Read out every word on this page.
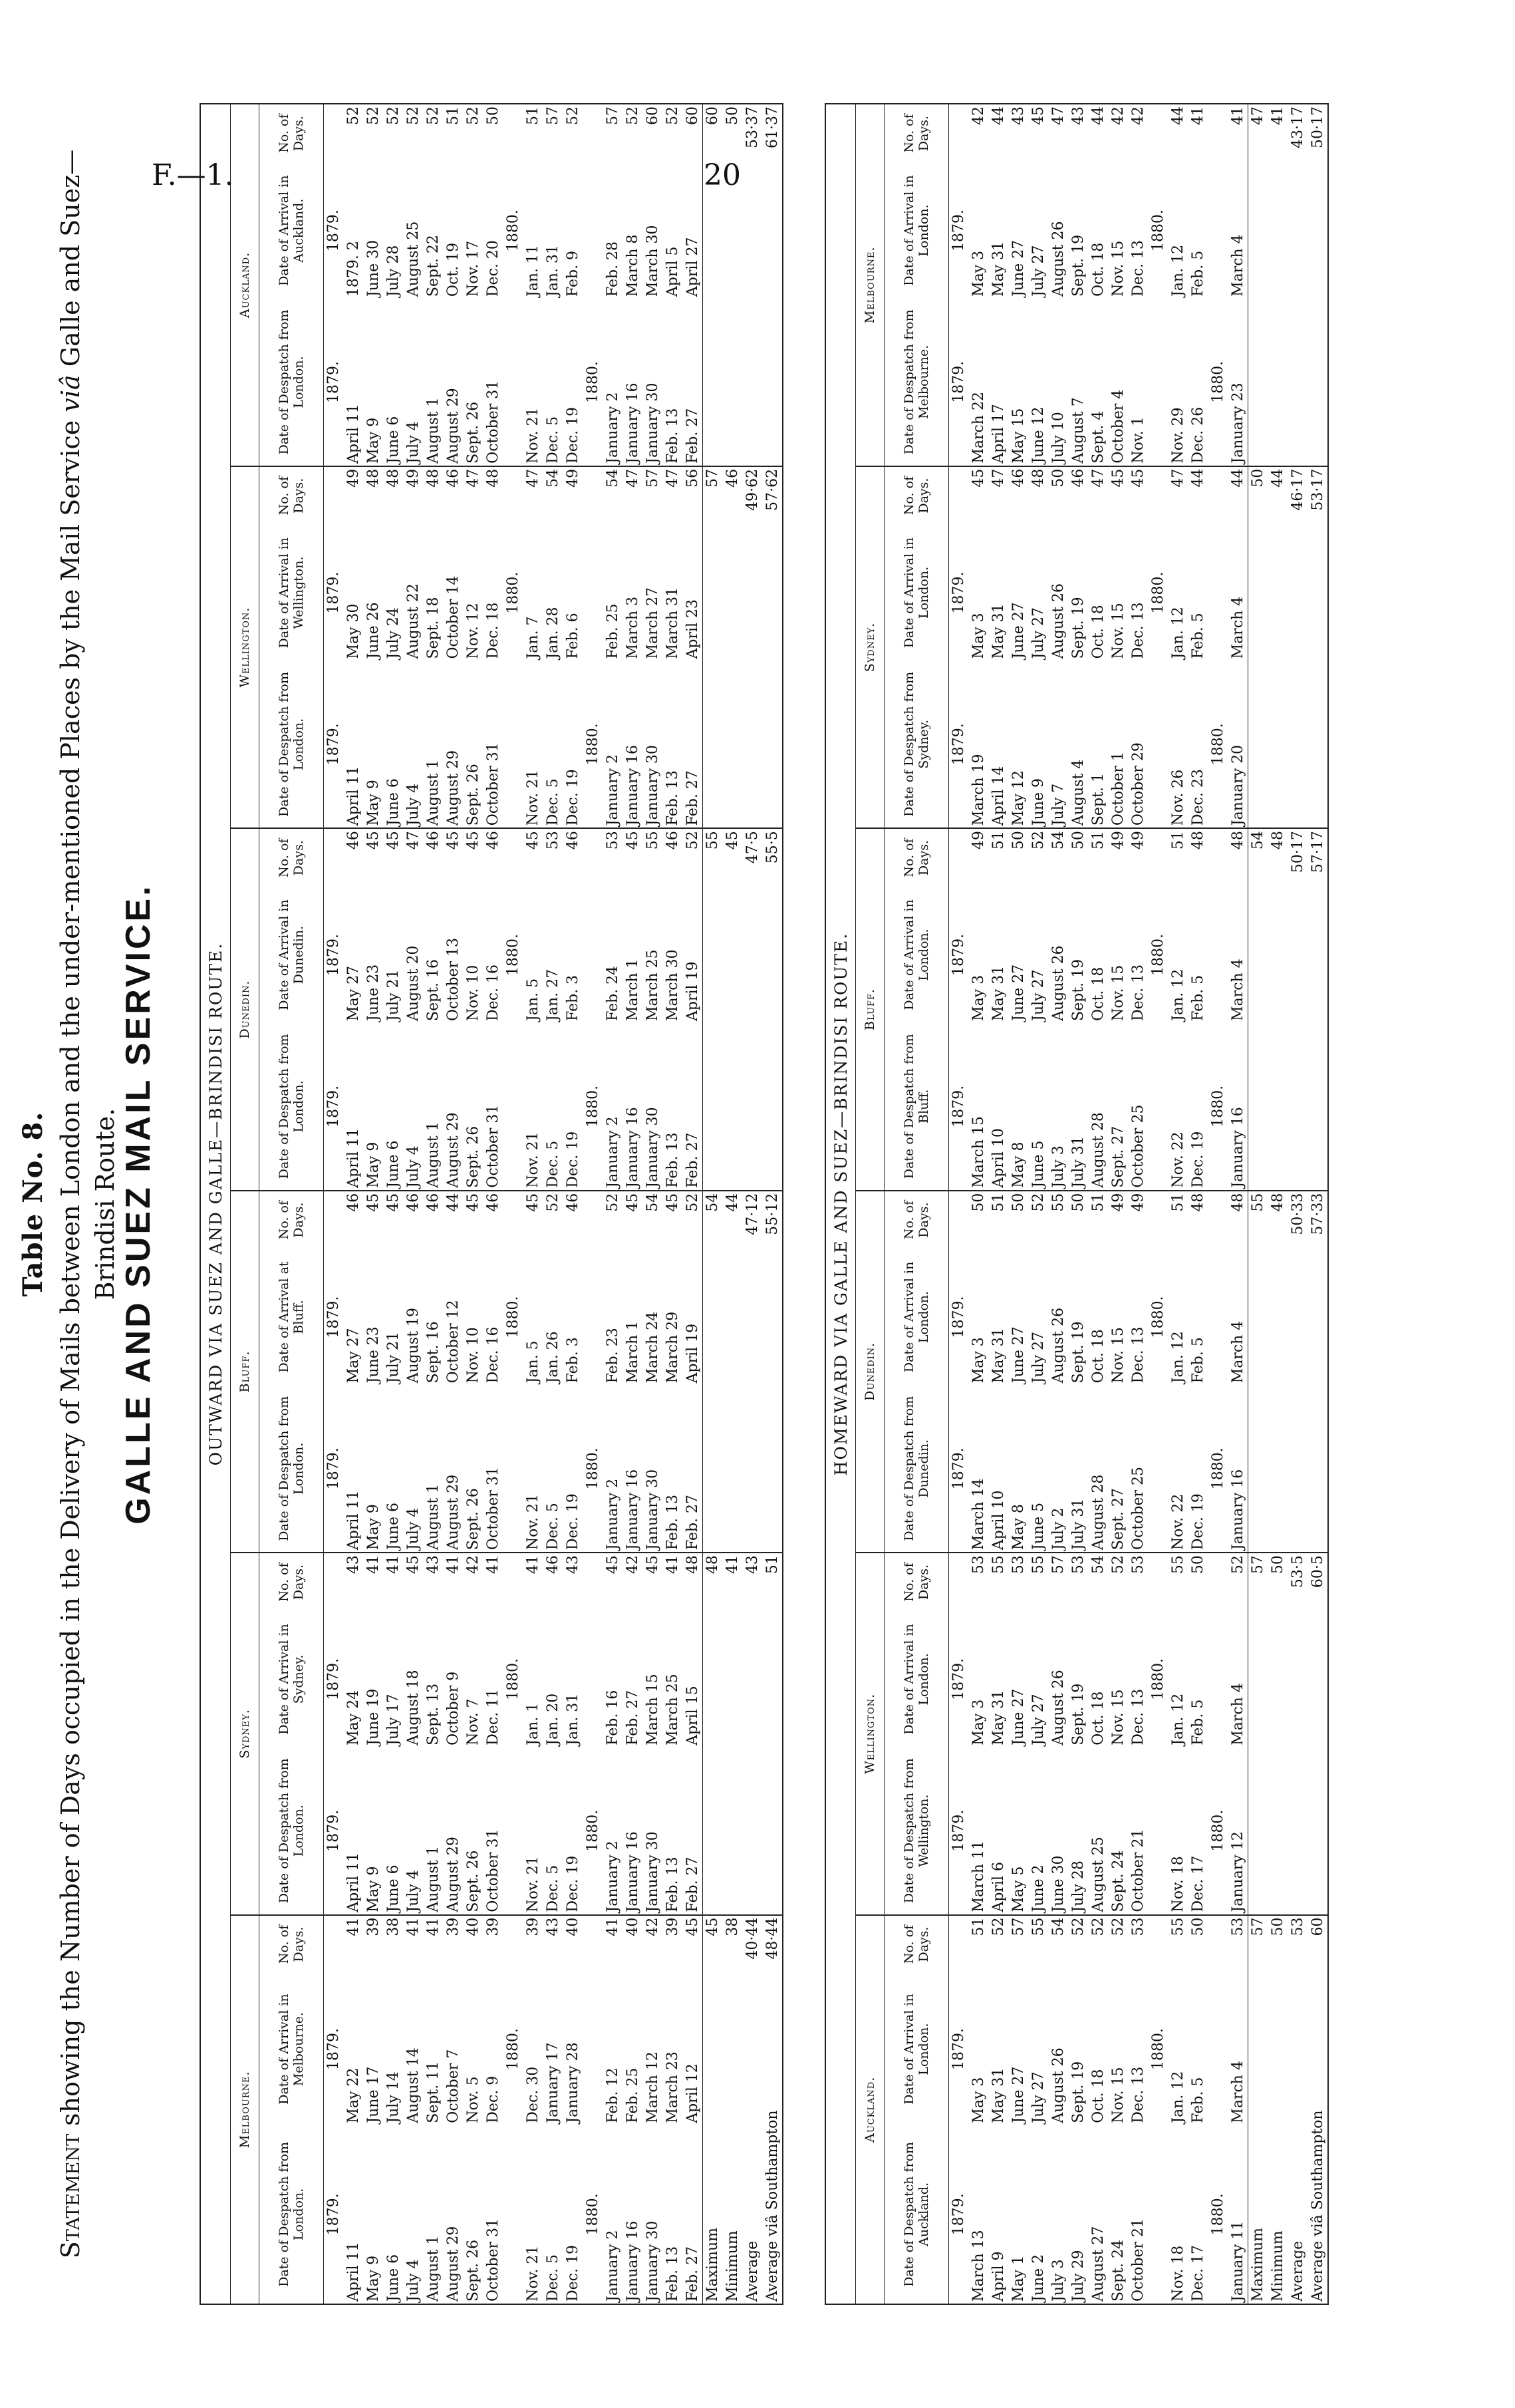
F.—1.	20
Table No. 8.
Statement showing the Number of Days occupied in the Delivery of Mails between London and the under-mentioned Places by the Mail Service viâ Galle and Suez—Brindisi Route. GALLE AND SUEZ MAIL SERVICE.	OUTWARD VIA SUEZ AND GALLE—BRINDISI ROUTE.																	
Melbourne.			Sydney.			Bluff.			Dunedin.			Wellington.			Auckland.		
Date of Despatch from London.	Date of Arrival in Melbourne.	No. of Days.	Date of Despatch from London.	Date of Arrival in Sydney.	No. of Days.	Date of Despatch from London.	Date of Arrival at Bluff.	No. of Days.	Date of Despatch from London.	Date of Arrival in Dunedin.	No. of Days.	Date of Despatch from London.	Date of Arrival in Wellington.	No. of Days.	Date of Despatch from London.	Date of Arrival in Auckland.	No. of Days.
1879.	1879.		1879.	1879.		1879.	1879.		1879.	1879.		1879.	1879.		1879.	1879.	
April 11	May 22	41	April 11	May 24	43	April 11	May 27	46	April 11	May 27	46	April 11	May 30	49	April 11	1879. 2	52
May 9	June 17	39	May 9	June 19	41	May 9	June 23	45	May 9	June 23	45	May 9	June 26	48	May 9	June 30	52
June 6	July 14	38	June 6	July 17	41	June 6	July 21	45	June 6	July 21	45	June 6	July 24	48	June 6	July 28	52
July 4	August 14	41	July 4	August 18	45	July 4	August 19	46	July 4	August 20	47	July 4	August 22	49	July 4	August 25	52
August 1	Sept. 11	41	August 1	Sept. 13	43	August 1	Sept. 16	46	August 1	Sept. 16	46	August 1	Sept. 18	48	August 1	Sept. 22	52
August 29	October 7	39	August 29	October 9	41	August 29	October 12	44	August 29	October 13	45	August 29	October 14	46	August 29	Oct. 19	51
Sept. 26	Nov. 5	40	Sept. 26	Nov. 7	42	Sept. 26	Nov. 10	45	Sept. 26	Nov. 10	45	Sept. 26	Nov. 12	47	Sept. 26	Nov. 17	52
October 31	Dec. 9	39	October 31	Dec. 11	41	October 31	Dec. 16	46	October 31	Dec. 16	46	October 31	Dec. 18	48	October 31	Dec. 20	50
	1880.			1880.			1880.			1880.			1880.			1880.	
Nov. 21	Dec. 30	39	Nov. 21	Jan. 1	41	Nov. 21	Jan. 5	45	Nov. 21	Jan. 5	45	Nov. 21	Jan. 7	47	Nov. 21	Jan. 11	51
Dec. 5	January 17	43	Dec. 5	Jan. 20	46	Dec. 5	Jan. 26	52	Dec. 5	Jan. 27	53	Dec. 5	Jan. 28	54	Dec. 5	Jan. 31	57
Dec. 19	January 28	40	Dec. 19	Jan. 31	43	Dec. 19	Feb. 3	46	Dec. 19	Feb. 3	46	Dec. 19	Feb. 6	49	Dec. 19	Feb. 9	52
1880.			1880.			1880.			1880.			1880.			1880.		
January 2	Feb. 12	41	January 2	Feb. 16	45	January 2	Feb. 23	52	January 2	Feb. 24	53	January 2	Feb. 25	54	January 2	Feb. 28	57
January 16	Feb. 25	40	January 16	Feb. 27	42	January 16	March 1	45	January 16	March 1	45	January 16	March 3	47	January 16	March 8	52
January 30	March 12	42	January 30	March 15	45	January 30	March 24	54	January 30	March 25	55	January 30	March 27	57	January 30	March 30	60
Feb. 13	March 23	39	Feb. 13	March 25	41	Feb. 13	March 29	45	Feb. 13	March 30	46	Feb. 13	March 31	47	Feb. 13	April 5	52
Feb. 27	April 12	45	Feb. 27	April 15	48	Feb. 27	April 19	52	Feb. 27	April 19	52	Feb. 27	April 23	56	Feb. 27	April 27	60
Maximum		45			48			54			55			57			60
Minimum		38			41			44			45			46			50
Average		40·44			43			47·12			47·5			49·62			53·37
Average viâ Southampton		48·44			51			55·12			55·5			57·62			61·37
HOMEWARD VIA GALLE AND SUEZ—BRINDISI ROUTE.																	
Auckland.			Wellington.			Dunedin.			Bluff.			Sydney.			Melbourne.		
Date of Despatch from Auckland.	Date of Arrival in London.	No. of Days.	Date of Despatch from Wellington.	Date of Arrival in London.	No. of Days.	Date of Despatch from Dunedin.	Date of Arrival in London.	No. of Days.	Date of Despatch from Bluff.	Date of Arrival in London.	No. of Days.	Date of Despatch from Sydney.	Date of Arrival in London.	No. of Days.	Date of Despatch from Melbourne.	Date of Arrival in London.	No. of Days.
1879.	1879.		1879.	1879.		1879.	1879.		1879.	1879.		1879.	1879.		1879.	1879.	
March 13	May 3	51	March 11	May 3	53	March 14	May 3	50	March 15	May 3	49	March 19	May 3	45	March 22	May 3	42
April 9	May 31	52	April 6	May 31	55	April 10	May 31	51	April 10	May 31	51	April 14	May 31	47	April 17	May 31	44
May 1	June 27	57	May 5	June 27	53	May 8	June 27	50	May 8	June 27	50	May 12	June 27	46	May 15	June 27	43
June 2	July 27	55	June 2	July 27	55	June 5	July 27	52	June 5	July 27	52	June 9	July 27	48	June 12	July 27	45
July 3	August 26	54	June 30	August 26	57	July 2	August 26	55	July 3	August 26	54	July 7	August 26	50	July 10	August 26	47
July 29	Sept. 19	52	July 28	Sept. 19	53	July 31	Sept. 19	50	July 31	Sept. 19	50	August 4	Sept. 19	46	August 7	Sept. 19	43
August 27	Oct. 18	52	August 25	Oct. 18	54	August 28	Oct. 18	51	August 28	Oct. 18	51	Sept. 1	Oct. 18	47	Sept. 4	Oct. 18	44
Sept. 24	Nov. 15	52	Sept. 24	Nov. 15	52	Sept. 27	Nov. 15	49	Sept. 27	Nov. 15	49	October 1	Nov. 15	45	October 4	Nov. 15	42
October 21	Dec. 13	53	October 21	Dec. 13	53	October 25	Dec. 13	49	October 25	Dec. 13	49	October 29	Dec. 13	45	Nov. 1	Dec. 13	42
	1880.			1880.			1880.			1880.			1880.			1880.	
Nov. 18	Jan. 12	55	Nov. 18	Jan. 12	55	Nov. 22	Jan. 12	51	Nov. 22	Jan. 12	51	Nov. 26	Jan. 12	47	Nov. 29	Jan. 12	44
Dec. 17	Feb. 5	50	Dec. 17	Feb. 5	50	Dec. 19	Feb. 5	48	Dec. 19	Feb. 5	48	Dec. 23	Feb. 5	44	Dec. 26	Feb. 5	41
1880.			1880.			1880.			1880.			1880.			1880.		
January 11	March 4	53	January 12	March 4	52	January 16	March 4	48	January 16	March 4	48	January 20	March 4	44	January 23	March 4	41
Maximum		57			57			55			54			50			47
Minimum		50			50			48			48			44			41
Average		53			53·5			50·33			50·17			46·17			43·17
Average viâ Southampton		60			60·5			57·33			57·17			53·17			50·17
